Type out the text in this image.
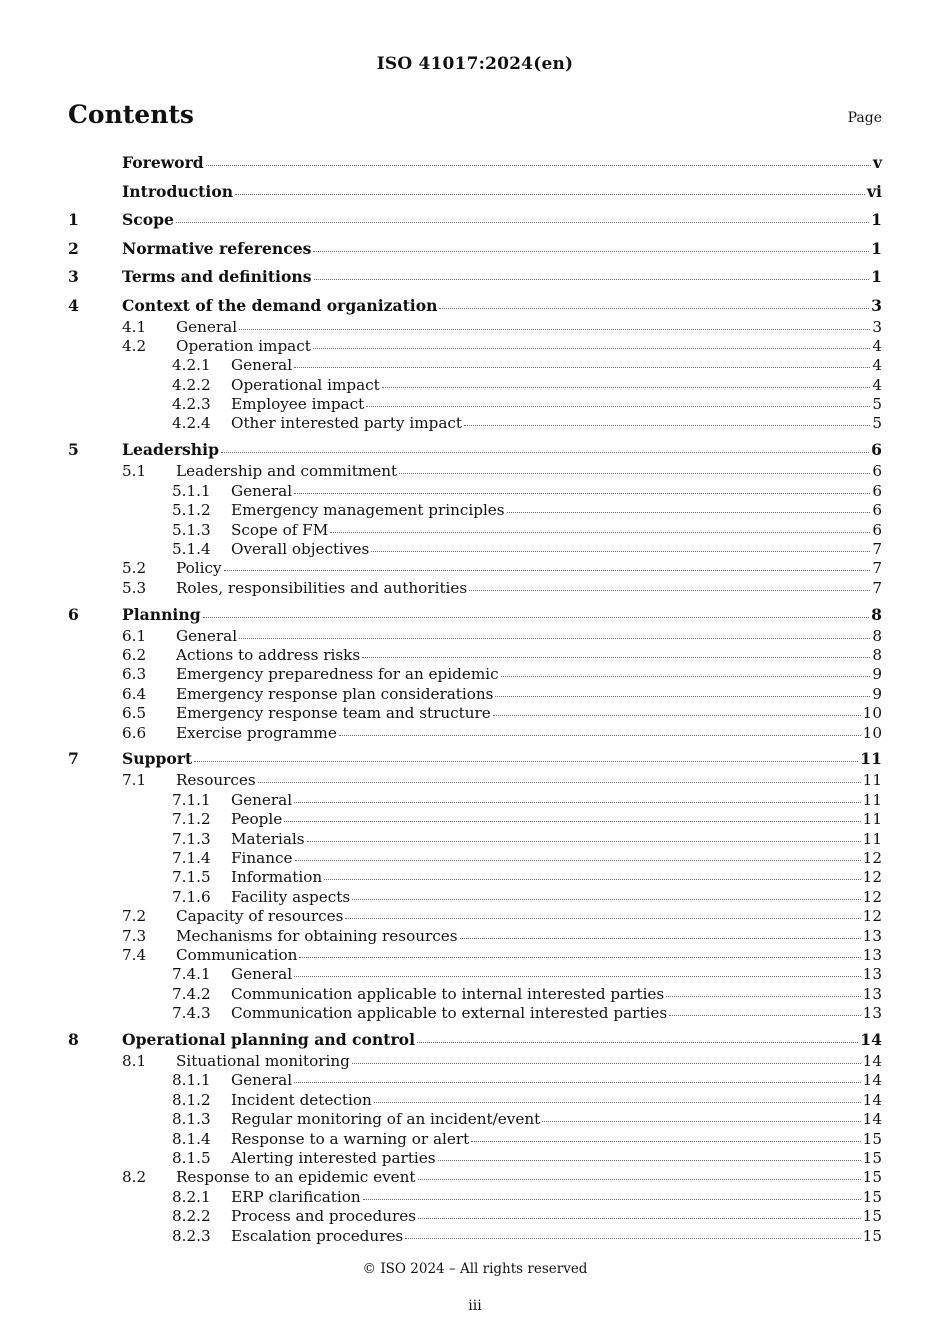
ISO 41017:2024(en)
Contents	Page
Foreword	v
Introduction	vi
1	Scope	1
2	Normative references	1
3	Terms and definitions	1
4	Context of the demand organization	3
4.1	General	3
4.2	Operation impact	4
4.2.1	General	4
4.2.2	Operational impact	4
4.2.3	Employee impact	5
4.2.4	Other interested party impact	5
5	Leadership	6
5.1	Leadership and commitment	6
5.1.1	General	6
5.1.2	Emergency management principles	6
5.1.3	Scope of FM	6
5.1.4	Overall objectives	7
5.2	Policy	7
5.3	Roles, responsibilities and authorities	7
6	Planning	8
6.1	General	8
6.2	Actions to address risks	8
6.3	Emergency preparedness for an epidemic	9
6.4	Emergency response plan considerations	9
6.5	Emergency response team and structure	10
6.6	Exercise programme	10
7	Support	11
7.1	Resources	11
7.1.1	General	11
7.1.2	People	11
7.1.3	Materials	11
7.1.4	Finance	12
7.1.5	Information	12
7.1.6	Facility aspects	12
7.2	Capacity of resources	12
7.3	Mechanisms for obtaining resources	13
7.4	Communication	13
7.4.1	General	13
7.4.2	Communication applicable to internal interested parties	13
7.4.3	Communication applicable to external interested parties	13
8	Operational planning and control	14
8.1	Situational monitoring	14
8.1.1	General	14
8.1.2	Incident detection	14
8.1.3	Regular monitoring of an incident/event	14
8.1.4	Response to a warning or alert	15
8.1.5	Alerting interested parties	15
8.2	Response to an epidemic event	15
8.2.1	ERP clarification	15
8.2.2	Process and procedures	15
8.2.3	Escalation procedures	15
© ISO 2024 – All rights reserved
iii
